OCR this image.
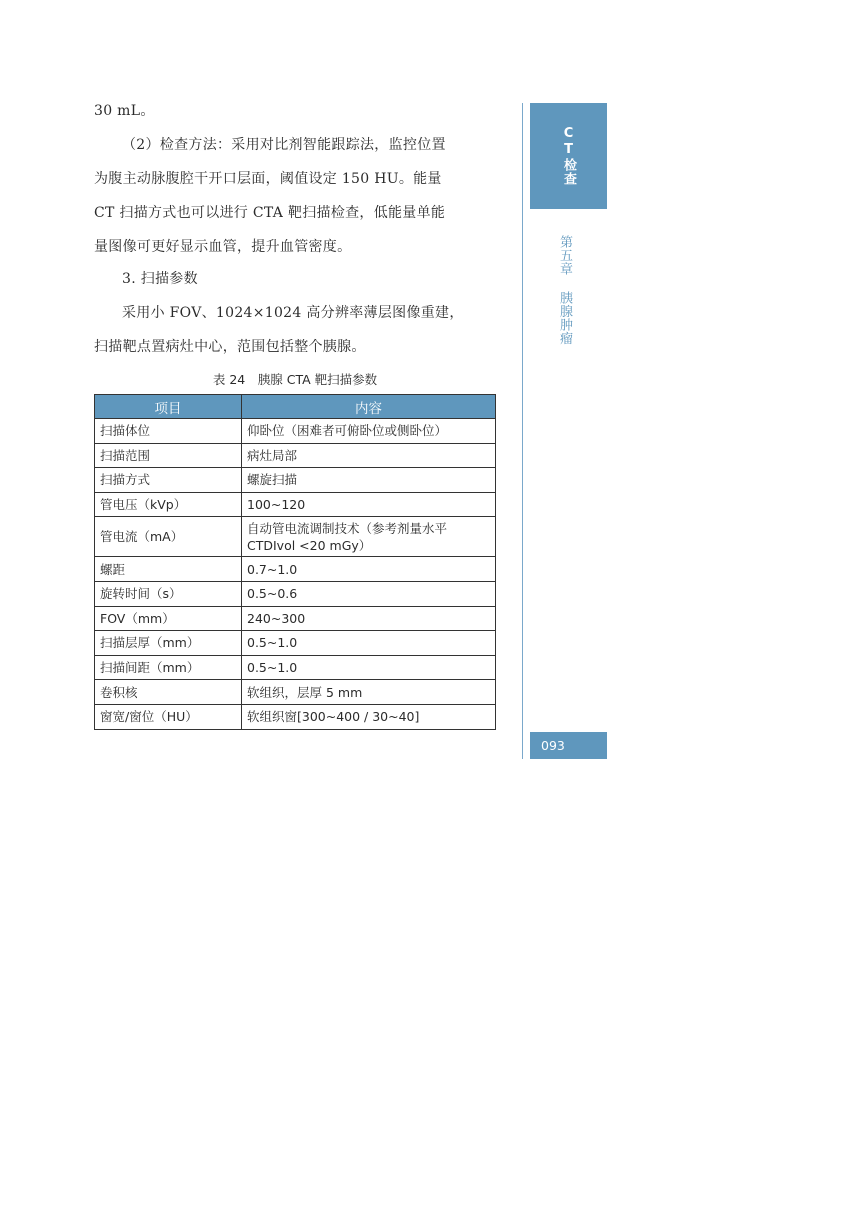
30 mL。

（2）检查方法：采用对比剂智能跟踪法，监控位置
为腹主动脉腹腔干开口层面，阈值设定 150 HU。能量
CT 扫描方式也可以进行 CTA 靶扫描检查，低能量单能
量图像可更好显示血管，提升血管密度。

3. 扫描参数

采用小 FOV、1024×1024 高分辨率薄层图像重建，
扫描靶点置病灶中心，范围包括整个胰腺。

表 24　胰腺 CTA 靶扫描参数
项目	内容
扫描体位	仰卧位（困难者可俯卧位或侧卧位）
扫描范围	病灶局部
扫描方式	螺旋扫描
管电压（kVp）	100~120
管电流（mA）	自动管电流调制技术（参考剂量水平 CTDIvol <20 mGy）
螺距	0.7~1.0
旋转时间（s）	0.5~0.6
FOV（mm）	240~300
扫描层厚（mm）	0.5~1.0
扫描间距（mm）	0.5~1.0
卷积核	软组织，层厚 5 mm
窗宽/窗位（HU）	软组织窗[300~400 / 30~40]
CT检查
第五章 胰腺肿瘤
093
